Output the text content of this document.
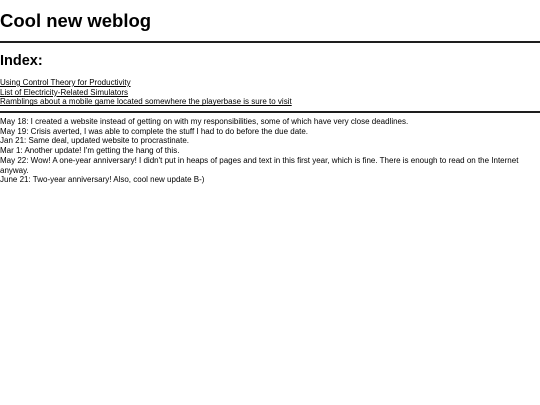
Cool new weblog
Index:
Using Control Theory for Productivity
List of Electricity-Related Simulators
Ramblings about a mobile game located somewhere the playerbase is sure to visit

May 18: I created a website instead of getting on with my responsibilities, some of which have very close deadlines.

May 19: Crisis averted, I was able to complete the stuff I had to do before the due date.

Jan 21: Same deal, updated website to procrastinate.

Mar 1: Another update! I'm getting the hang of this.

May 22: Wow! A one-year anniversary! I didn't put in heaps of pages and text in this first year, which is fine. There is enough to read on the Internet anyway.

June 21: Two-year anniversary! Also, cool new update B-)
